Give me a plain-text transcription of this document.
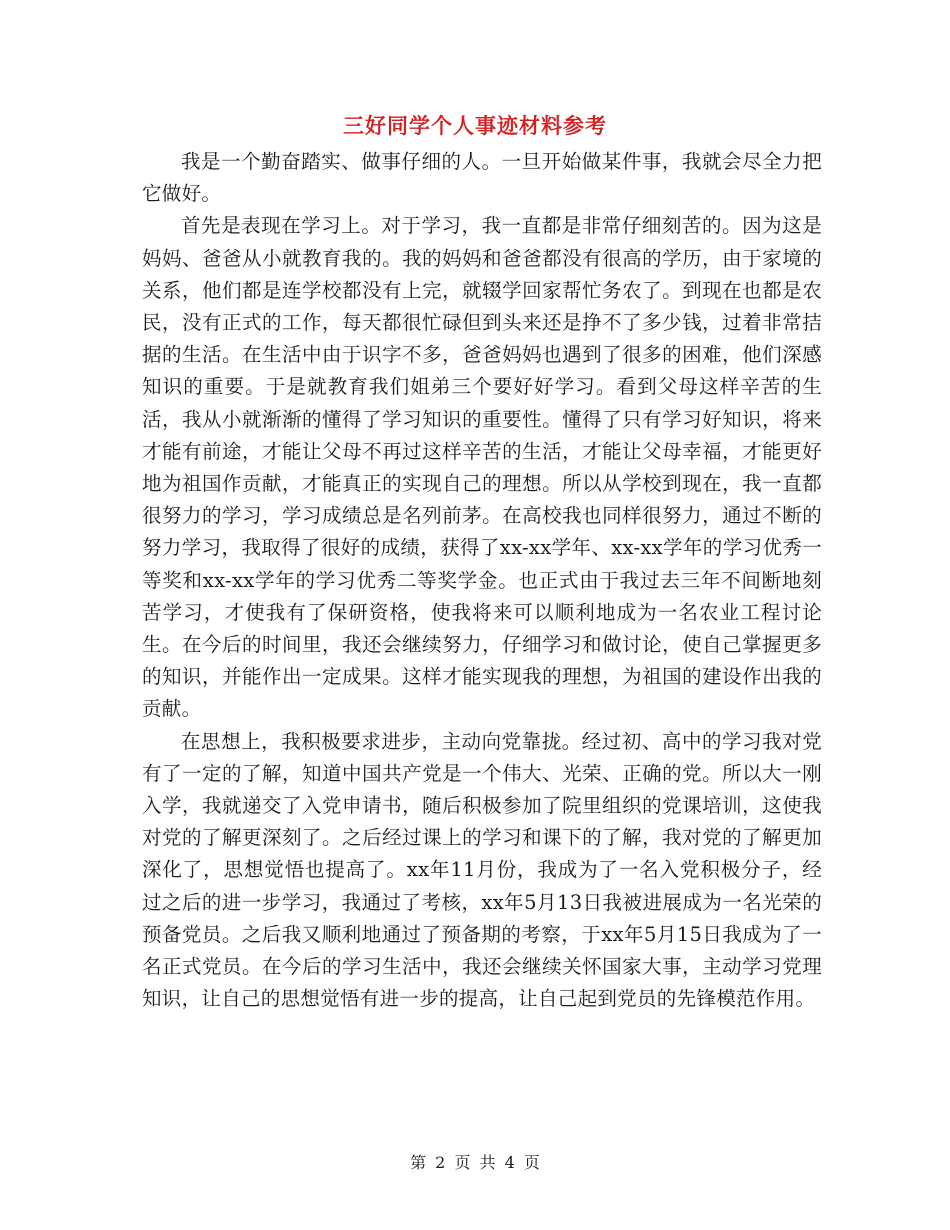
三好同学个人事迹材料参考

我是一个勤奋踏实、做事仔细的人。一旦开始做某件事，我就会尽全力把它做好。

首先是表现在学习上。对于学习，我一直都是非常仔细刻苦的。因为这是妈妈、爸爸从小就教育我的。我的妈妈和爸爸都没有很高的学历，由于家境的关系，他们都是连学校都没有上完，就辍学回家帮忙务农了。到现在也都是农民，没有正式的工作，每天都很忙碌但到头来还是挣不了多少钱，过着非常拮据的生活。在生活中由于识字不多，爸爸妈妈也遇到了很多的困难，他们深感知识的重要。于是就教育我们姐弟三个要好好学习。看到父母这样辛苦的生活，我从小就渐渐的懂得了学习知识的重要性。懂得了只有学习好知识，将来才能有前途，才能让父母不再过这样辛苦的生活，才能让父母幸福，才能更好地为祖国作贡献，才能真正的实现自己的理想。所以从学校到现在，我一直都很努力的学习，学习成绩总是名列前茅。在高校我也同样很努力，通过不断的努力学习，我取得了很好的成绩，获得了xx-xx学年、xx-xx学年的学习优秀一等奖和xx-xx学年的学习优秀二等奖学金。也正式由于我过去三年不间断地刻苦学习，才使我有了保研资格，使我将来可以顺利地成为一名农业工程讨论生。在今后的时间里，我还会继续努力，仔细学习和做讨论，使自己掌握更多的知识，并能作出一定成果。这样才能实现我的理想，为祖国的建设作出我的贡献。

在思想上，我积极要求进步，主动向党靠拢。经过初、高中的学习我对党有了一定的了解，知道中国共产党是一个伟大、光荣、正确的党。所以大一刚入学，我就递交了入党申请书，随后积极参加了院里组织的党课培训，这使我对党的了解更深刻了。之后经过课上的学习和课下的了解，我对党的了解更加深化了，思想觉悟也提高了。xx年11月份，我成为了一名入党积极分子，经过之后的进一步学习，我通过了考核，xx年5月13日我被进展成为一名光荣的预备党员。之后我又顺利地通过了预备期的考察，于xx年5月15日我成为了一名正式党员。在今后的学习生活中，我还会继续关怀国家大事，主动学习党理知识，让自己的思想觉悟有进一步的提高，让自己起到党员的先锋模范作用。

第 2 页 共 4 页
